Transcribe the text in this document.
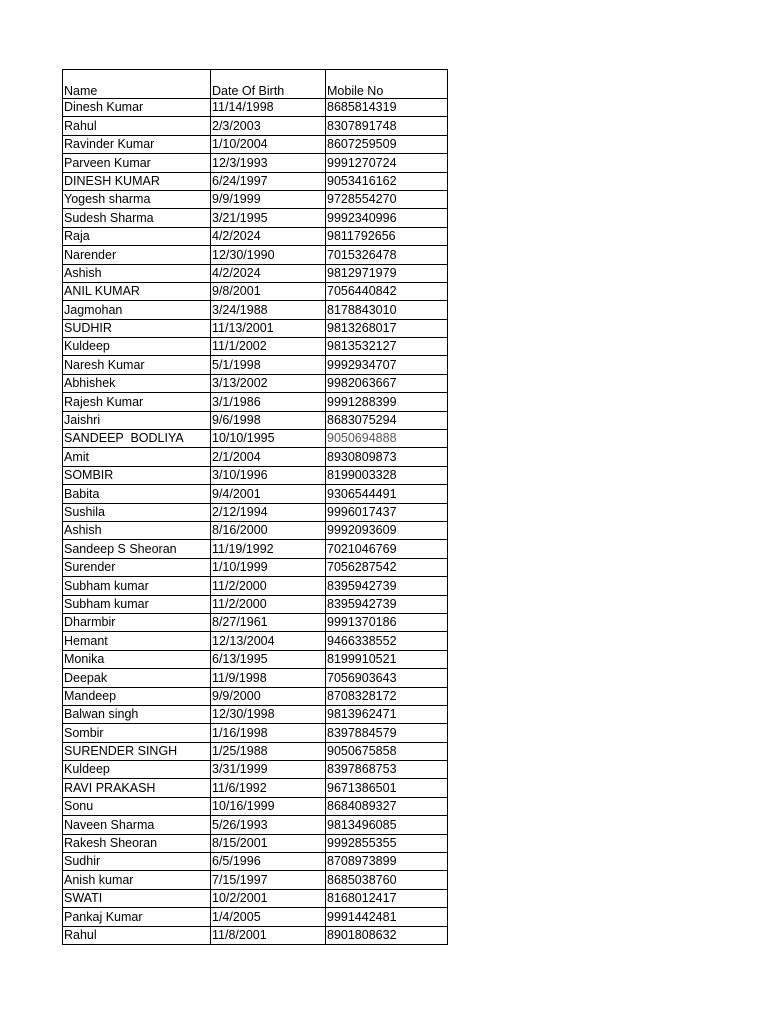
Name	Date Of Birth	Mobile No
Dinesh Kumar	11/14/1998	8685814319
Rahul	2/3/2003	8307891748
Ravinder Kumar	1/10/2004	8607259509
Parveen Kumar	12/3/1993	9991270724
DINESH KUMAR	6/24/1997	9053416162
Yogesh sharma	9/9/1999	9728554270
Sudesh Sharma	3/21/1995	9992340996
Raja	4/2/2024	9811792656
Narender	12/30/1990	7015326478
Ashish	4/2/2024	9812971979
ANIL KUMAR	9/8/2001	7056440842
Jagmohan	3/24/1988	8178843010
SUDHIR	11/13/2001	9813268017
Kuldeep	11/1/2002	9813532127
Naresh Kumar	5/1/1998	9992934707
Abhishek	3/13/2002	9982063667
Rajesh Kumar	3/1/1986	9991288399
Jaishri	9/6/1998	8683075294
SANDEEP  BODLIYA	10/10/1995	9050694888
Amit	2/1/2004	8930809873
SOMBIR	3/10/1996	8199003328
Babita	9/4/2001	9306544491
Sushila	2/12/1994	9996017437
Ashish	8/16/2000	9992093609
Sandeep S Sheoran	11/19/1992	7021046769
Surender	1/10/1999	7056287542
Subham kumar	11/2/2000	8395942739
Subham kumar	11/2/2000	8395942739
Dharmbir	8/27/1961	9991370186
Hemant	12/13/2004	9466338552
Monika	6/13/1995	8199910521
Deepak	11/9/1998	7056903643
Mandeep	9/9/2000	8708328172
Balwan singh	12/30/1998	9813962471
Sombir	1/16/1998	8397884579
SURENDER SINGH	1/25/1988	9050675858
Kuldeep	3/31/1999	8397868753
RAVI PRAKASH	11/6/1992	9671386501
Sonu	10/16/1999	8684089327
Naveen Sharma	5/26/1993	9813496085
Rakesh Sheoran	8/15/2001	9992855355
Sudhir	6/5/1996	8708973899
Anish kumar	7/15/1997	8685038760
SWATI	10/2/2001	8168012417
Pankaj Kumar	1/4/2005	9991442481
Rahul	11/8/2001	8901808632
